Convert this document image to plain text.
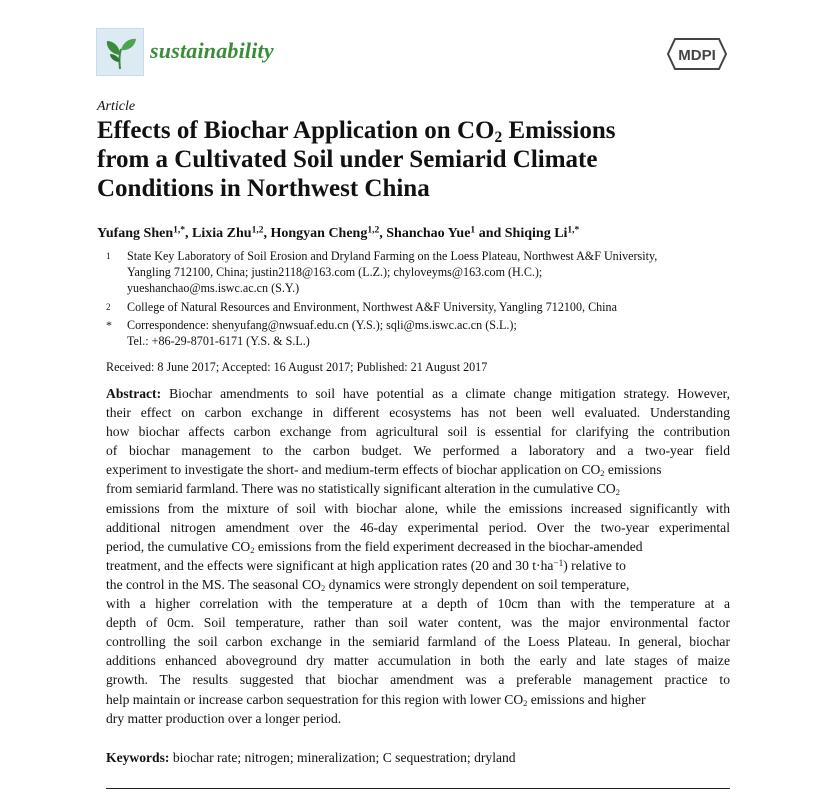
sustainability	MDPI
Article
Effects of Biochar Application on $CO_2$ Emissions
from a Cultivated Soil under Semiarid Climate
Conditions in Northwest China
Yufang Shen$^{1,*}$, Lixia Zhu$^{1,2}$, Hongyan Cheng$^{1,2}$, Shanchao Yue$^1$ and Shiqing $Li^{1,*}$
1 State Key Laboratory of Soil Erosion and Dryland Farming on the Loess Plateau, Northwest A&F University,
Yangling 712100, China; justin2118@163.com (L.Z.); chyloveyms@163.com (H.C.);
yueshanchao@ms.iswc.ac.cn (S.Y.)
2 College of Natural Resources and Environment, Northwest A&F University, Yangling 712100, China
* Correspondence: shenyufang@nwsuaf.edu.cn (Y.S.); sqli@ms.iswc.ac.cn (S.L.);
Tel.: +86-29-8701-6171 (Y.S. & S.L.)
Received: 8 June 2017; Accepted: 16 August 2017; Published: 21 August 2017
Abstract: Biochar amendments to soil have potential as a climate change mitigation strategy. However,
their effect on carbon exchange in different ecosystems has not been well evaluated. Understanding
how biochar affects carbon exchange from agricultural soil is essential for clarifying the contribution
of biochar management to the carbon budget. We performed a laboratory and a two-year field
experiment to investigate the short- and medium-term effects of biochar application on $CO_2$ emissions
from semiarid farmland. There was no statistically significant alteration in the cumulative $CO_2$
emissions from the mixture of soil with biochar alone, while the emissions increased significantly with
additional nitrogen amendment over the 46-day experimental period. Over the two-year experimental
period, the cumulative $CO_2$ emissions from the field experiment decreased in the biochar-amended
treatment, and the effects were significant at high application rates (20 and 30 $t\cdot ha^{-1}$) relative to
the control in the MS. The seasonal $CO_2$ dynamics were strongly dependent on soil temperature,
with a higher correlation with the temperature at a depth of 10cm than with the temperature at a
depth of 0cm. Soil temperature, rather than soil water content, was the major environmental factor
controlling the soil carbon exchange in the semiarid farmland of the Loess Plateau. In general, biochar
additions enhanced aboveground dry matter accumulation in both the early and late stages of maize
growth. The results suggested that biochar amendment was a preferable management practice to
help maintain or increase carbon sequestration for this region with lower $CO_2$ emissions and higher
dry matter production over a longer period.
Keywords: biochar rate; nitrogen; mineralization; C sequestration; dryland
